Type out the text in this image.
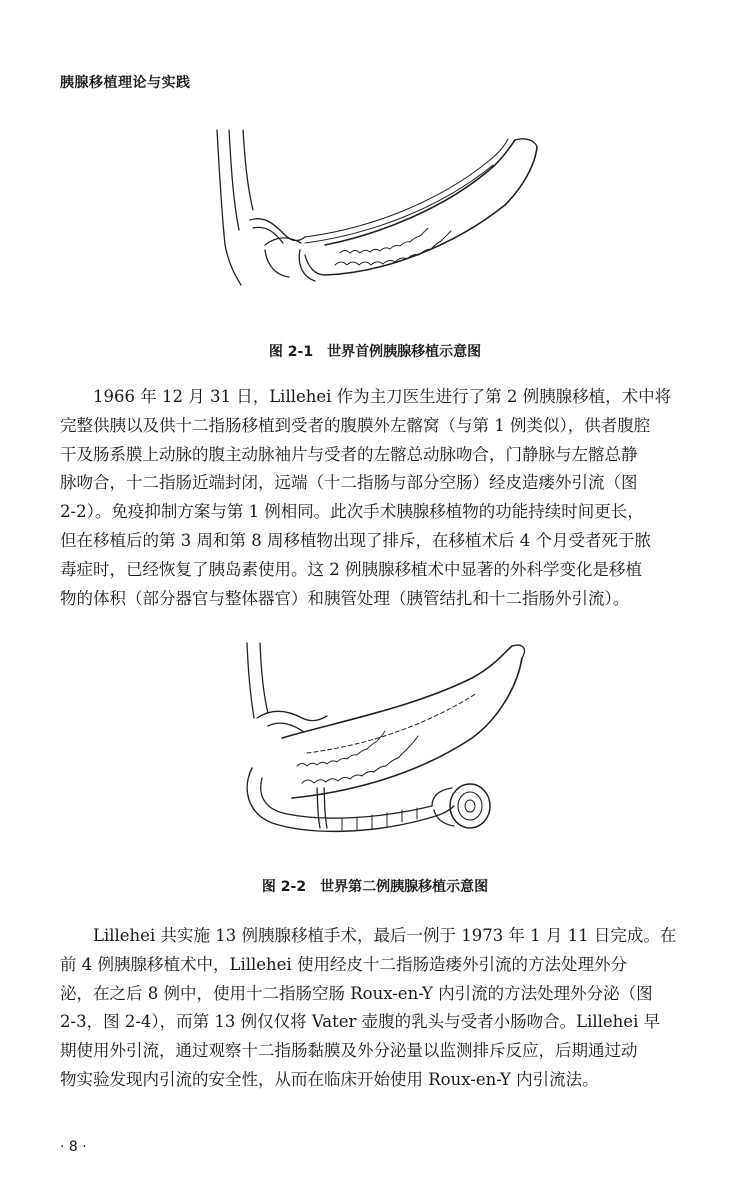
胰腺移植理论与实践
图 2-1 世界首例胰腺移植示意图
1966 年 12 月 31 日，Lillehei 作为主刀医生进行了第 2 例胰腺移植，术中将
完整供胰以及供十二指肠移植到受者的腹膜外左髂窝（与第 1 例类似），供者腹腔
干及肠系膜上动脉的腹主动脉袖片与受者的左髂总动脉吻合，门静脉与左髂总静
脉吻合，十二指肠近端封闭，远端（十二指肠与部分空肠）经皮造瘘外引流（图
2-2）。免疫抑制方案与第 1 例相同。此次手术胰腺移植物的功能持续时间更长，
但在移植后的第 3 周和第 8 周移植物出现了排斥，在移植术后 4 个月受者死于脓
毒症时，已经恢复了胰岛素使用。这 2 例胰腺移植术中显著的外科学变化是移植
物的体积（部分器官与整体器官）和胰管处理（胰管结扎和十二指肠外引流）。
图 2-2 世界第二例胰腺移植示意图
Lillehei 共实施 13 例胰腺移植手术，最后一例于 1973 年 1 月 11 日完成。在
前 4 例胰腺移植术中，Lillehei 使用经皮十二指肠造瘘外引流的方法处理外分
泌，在之后 8 例中，使用十二指肠空肠 Roux-en-Y 内引流的方法处理外分泌（图
2-3，图 2-4），而第 13 例仅仅将 Vater 壶腹的乳头与受者小肠吻合。Lillehei 早
期使用外引流，通过观察十二指肠黏膜及外分泌量以监测排斥反应，后期通过动
物实验发现内引流的安全性，从而在临床开始使用 Roux-en-Y 内引流法。
· 8 ·
